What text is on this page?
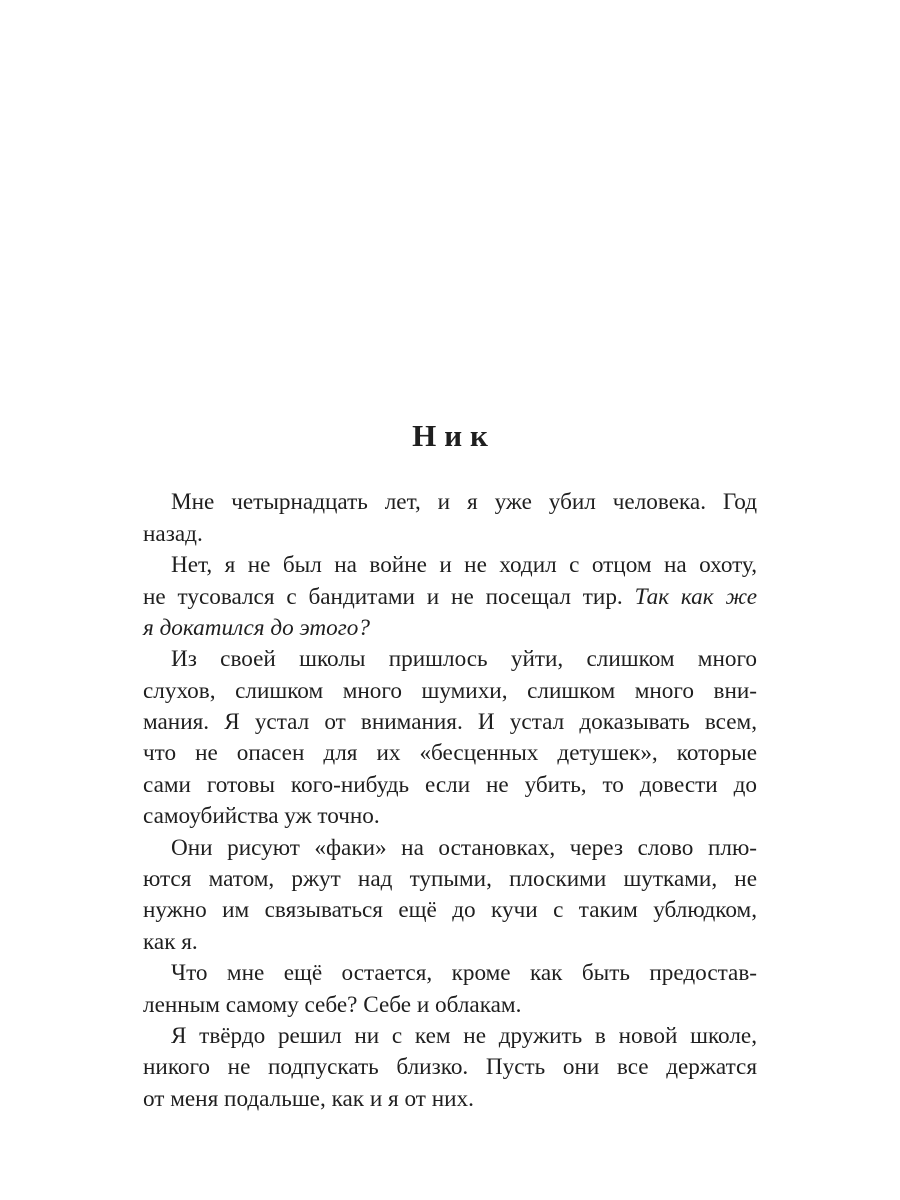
Ник
Мне четырнадцать лет, и я уже убил человека. Год
назад.
Нет, я не был на войне и не ходил с отцом на охоту,
не тусовался с бандитами и не посещал тир. Так как же
я докатился до этого?
Из своей школы пришлось уйти, слишком много
слухов, слишком много шумихи, слишком много вни-
мания. Я устал от внимания. И устал доказывать всем,
что не опасен для их «бесценных детушек», которые
сами готовы кого-нибудь если не убить, то довести до
самоубийства уж точно.
Они рисуют «факи» на остановках, через слово плю-
ются матом, ржут над тупыми, плоскими шутками, не
нужно им связываться ещё до кучи с таким ублюдком,
как я.
Что мне ещё остается, кроме как быть предостав-
ленным самому себе? Себе и облакам.
Я твёрдо решил ни с кем не дружить в новой школе,
никого не подпускать близко. Пусть они все держатся
от меня подальше, как и я от них.
